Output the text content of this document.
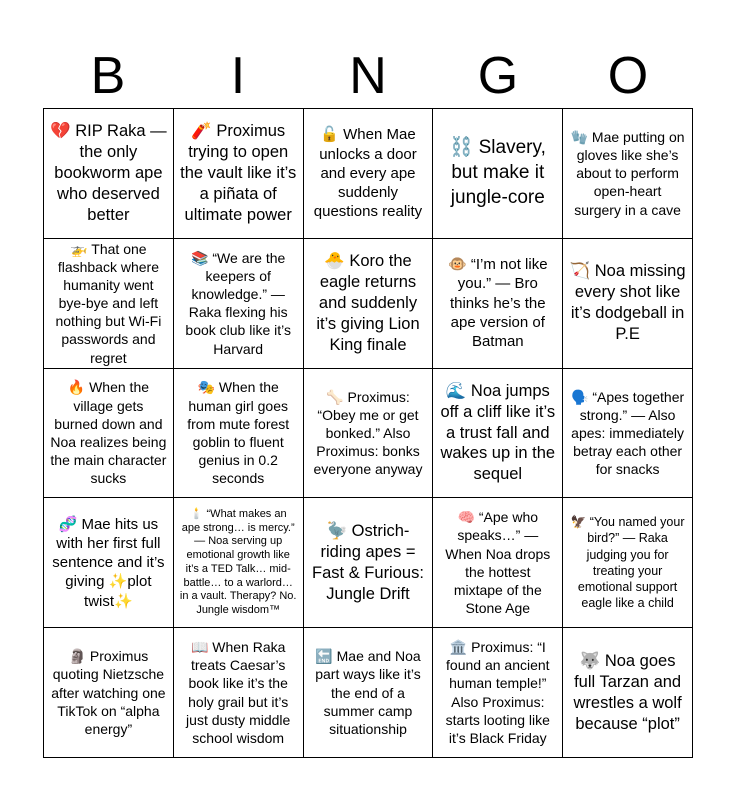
B	I	N	G	O
💔 RIP Raka — the only bookworm ape who deserved better
🧨 Proximus trying to open the vault like it’s a piñata of ultimate power
🔓 When Mae unlocks a door and every ape suddenly questions reality
⛓️ Slavery, but make it jungle-core
🧤 Mae putting on gloves like she’s about to perform open-heart surgery in a cave
🚁 That one flashback where humanity went bye-bye and left nothing but Wi-Fi passwords and regret
📚 “We are the keepers of knowledge.” — Raka flexing his book club like it’s Harvard
🐣 Koro the eagle returns and suddenly it’s giving Lion King finale
🐵 “I’m not like you.” — Bro thinks he’s the ape version of Batman
🏹 Noa missing every shot like it’s dodgeball in P.E
🔥 When the village gets burned down and Noa realizes being the main character sucks
🎭 When the human girl goes from mute forest goblin to fluent genius in 0.2 seconds
🦴 Proximus: “Obey me or get bonked.” Also Proximus: bonks everyone anyway
🌊 Noa jumps off a cliff like it’s a trust fall and wakes up in the sequel
🗣️ “Apes together strong.” — Also apes: immediately betray each other for snacks
🧬 Mae hits us with her first full sentence and it’s giving ✨plot twist✨
🕯️ “What makes an ape strong… is mercy.” — Noa serving up emotional growth like it’s a TED Talk… mid-battle… to a warlord… in a vault. Therapy? No. Jungle wisdom™
🦤 Ostrich-riding apes = Fast & Furious: Jungle Drift
🧠 “Ape who speaks…” — When Noa drops the hottest mixtape of the Stone Age
🦅 “You named your bird?” — Raka judging you for treating your emotional support eagle like a child
🗿 Proximus quoting Nietzsche after watching one TikTok on “alpha energy”
📖 When Raka treats Caesar’s book like it’s the holy grail but it’s just dusty middle school wisdom
🔚 Mae and Noa part ways like it’s the end of a summer camp situationship
🏛️ Proximus: “I found an ancient human temple!” Also Proximus: starts looting like it’s Black Friday
🐺 Noa goes full Tarzan and wrestles a wolf because “plot”
